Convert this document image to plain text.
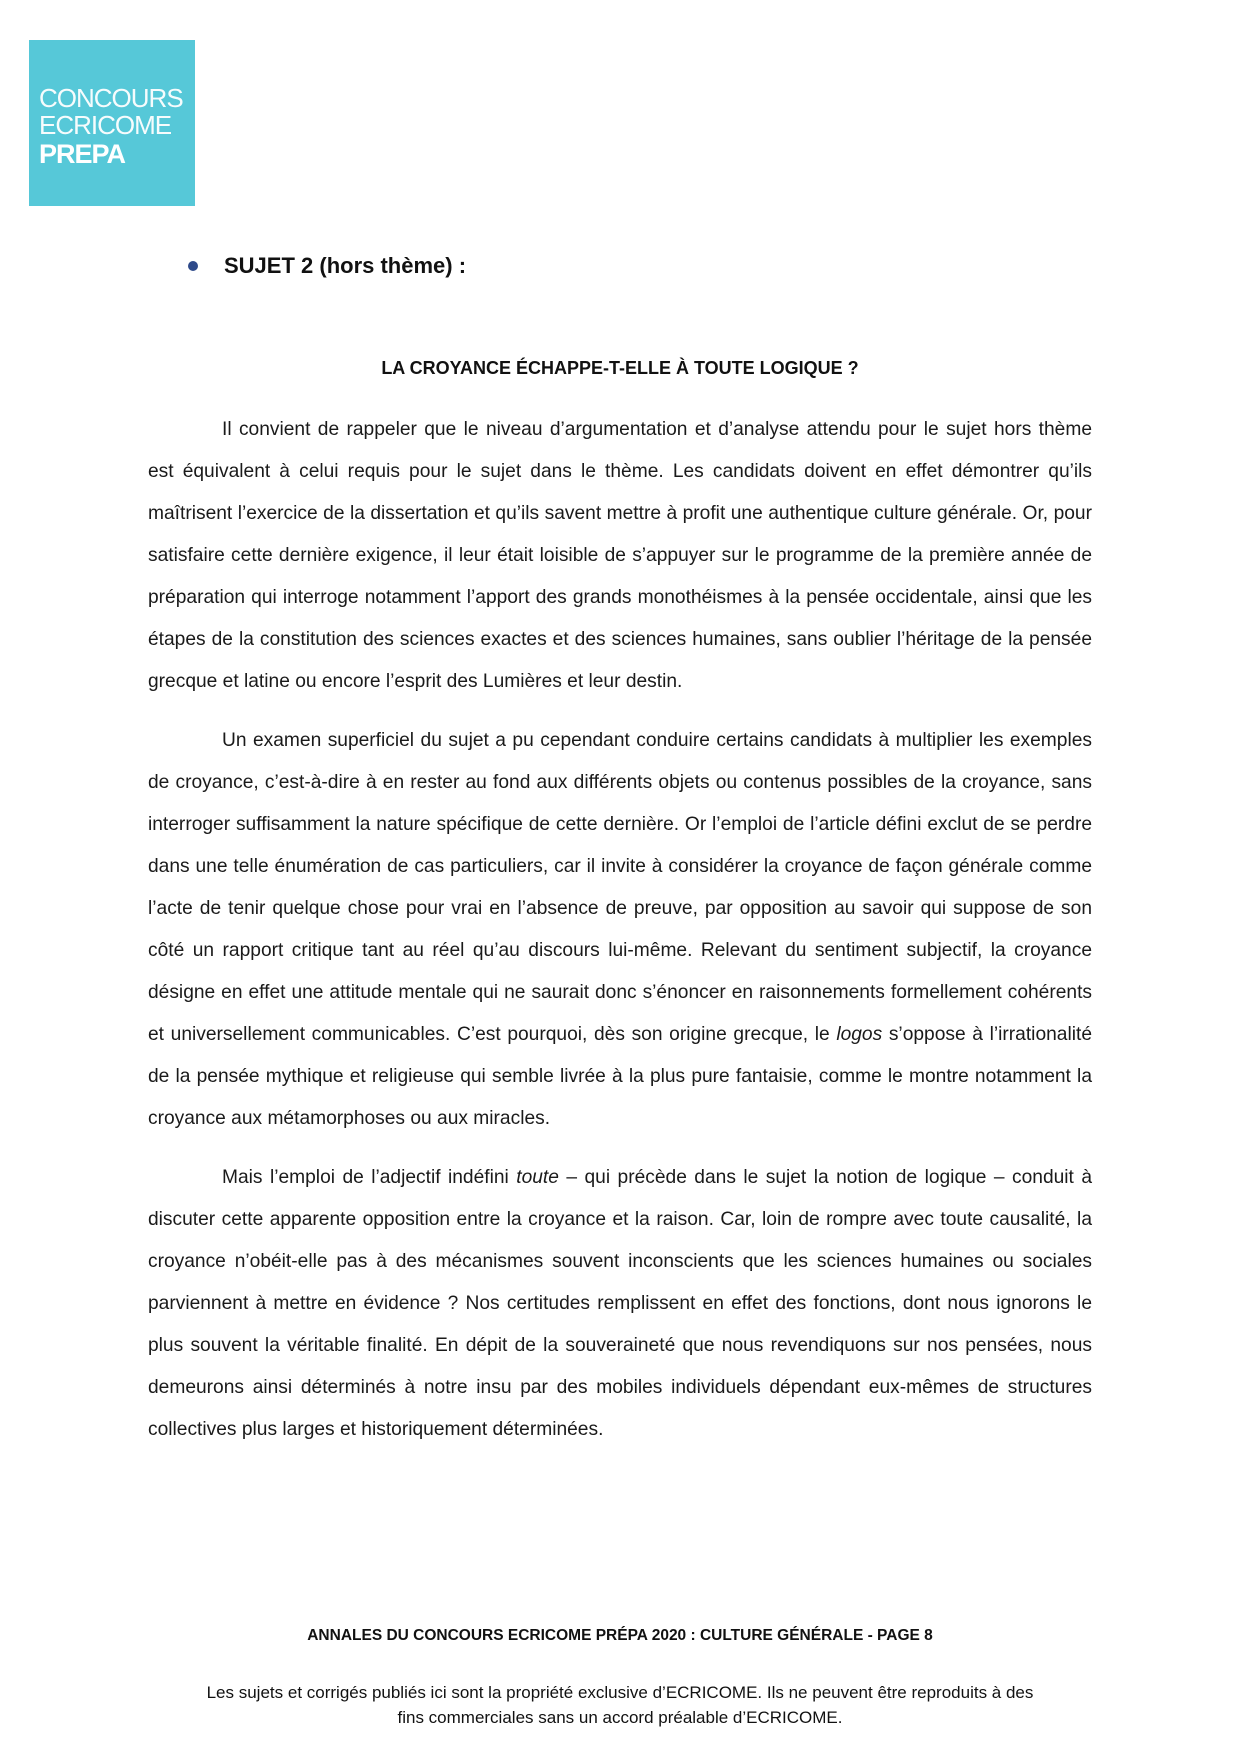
CONCOURS
ECRICOME
PREPA
SUJET 2 (hors thème) :
LA CROYANCE ÉCHAPPE-T-ELLE À TOUTE LOGIQUE ?

Il convient de rappeler que le niveau d’argumentation et d’analyse attendu pour le sujet hors thème est équivalent à celui requis pour le sujet dans le thème. Les candidats doivent en effet démontrer qu’ils maîtrisent l’exercice de la dissertation et qu’ils savent mettre à profit une authentique culture générale. Or, pour satisfaire cette dernière exigence, il leur était loisible de s’appuyer sur le programme de la première année de préparation qui interroge notamment l’apport des grands monothéismes à la pensée occidentale, ainsi que les étapes de la constitution des sciences exactes et des sciences humaines, sans oublier l’héritage de la pensée grecque et latine ou encore l’esprit des Lumières et leur destin.

Un examen superficiel du sujet a pu cependant conduire certains candidats à multiplier les exemples de croyance, c’est-à-dire à en rester au fond aux différents objets ou contenus possibles de la croyance, sans interroger suffisamment la nature spécifique de cette dernière. Or l’emploi de l’article défini exclut de se perdre dans une telle énumération de cas particuliers, car il invite à considérer la croyance de façon générale comme l’acte de tenir quelque chose pour vrai en l’absence de preuve, par opposition au savoir qui suppose de son côté un rapport critique tant au réel qu’au discours lui-même. Relevant du sentiment subjectif, la croyance désigne en effet une attitude mentale qui ne saurait donc s’énoncer en raisonnements formellement cohérents et universellement communicables. C’est pourquoi, dès son origine grecque, le logos s’oppose à l’irrationalité de la pensée mythique et religieuse qui semble livrée à la plus pure fantaisie, comme le montre notamment la croyance aux métamorphoses ou aux miracles.

Mais l’emploi de l’adjectif indéfini toute – qui précède dans le sujet la notion de logique – conduit à discuter cette apparente opposition entre la croyance et la raison. Car, loin de rompre avec toute causalité, la croyance n’obéit-elle pas à des mécanismes souvent inconscients que les sciences humaines ou sociales parviennent à mettre en évidence ? Nos certitudes remplissent en effet des fonctions, dont nous ignorons le plus souvent la véritable finalité. En dépit de la souveraineté que nous revendiquons sur nos pensées, nous demeurons ainsi déterminés à notre insu par des mobiles individuels dépendant eux-mêmes de structures collectives plus larges et historiquement déterminées.

ANNALES DU CONCOURS ECRICOME PRÉPA 2020 : CULTURE GÉNÉRALE - PAGE 8
Les sujets et corrigés publiés ici sont la propriété exclusive d’ECRICOME. Ils ne peuvent être reproduits à des
fins commerciales sans un accord préalable d’ECRICOME.
